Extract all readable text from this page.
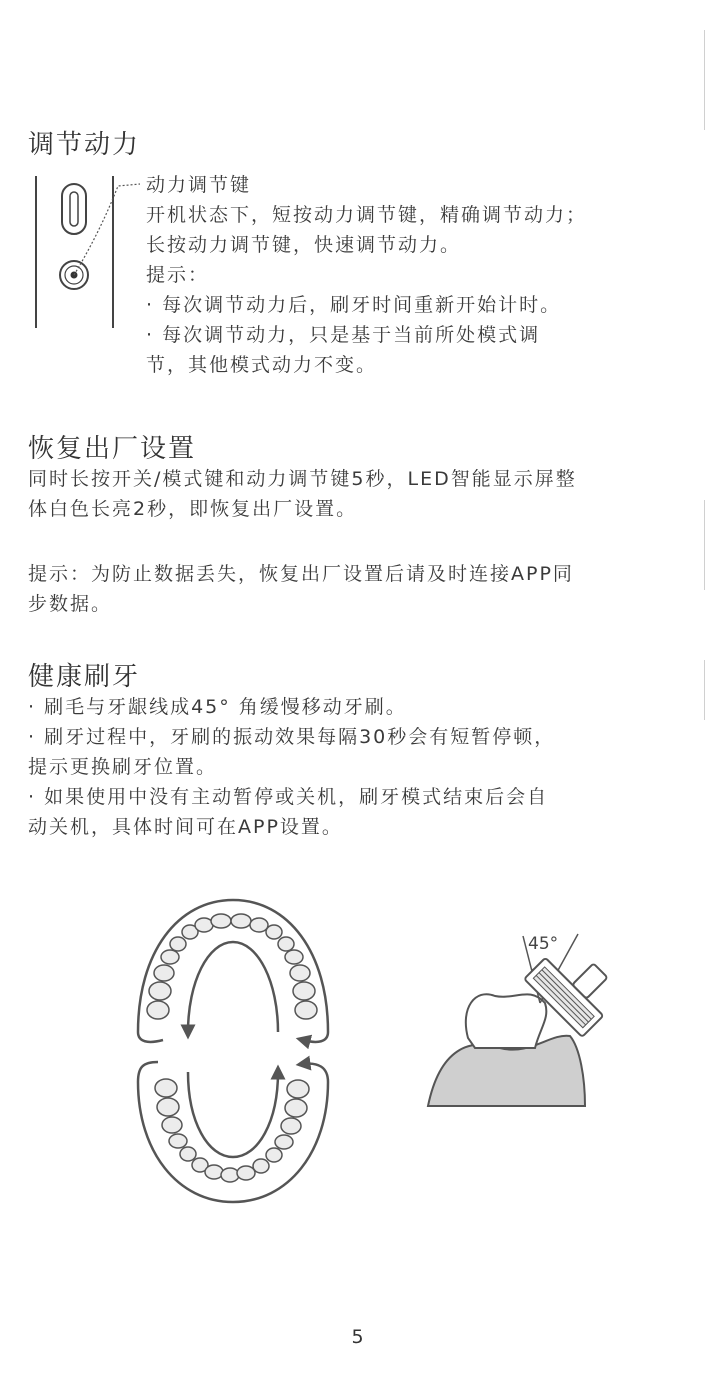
调节动力
动力调节键
开机状态下，短按动力调节键，精确调节动力；
长按动力调节键，快速调节动力。
提示：
· 每次调节动力后，刷牙时间重新开始计时。
· 每次调节动力，只是基于当前所处模式调
节，其他模式动力不变。
恢复出厂设置
同时长按开关/模式键和动力调节键5秒，LED智能显示屏整
体白色长亮2秒，即恢复出厂设置。
提示：为防止数据丢失，恢复出厂设置后请及时连接APP同
步数据。
健康刷牙
· 刷毛与牙龈线成45° 角缓慢移动牙刷。
· 刷牙过程中，牙刷的振动效果每隔30秒会有短暂停顿，
提示更换刷牙位置。
· 如果使用中没有主动暂停或关机，刷牙模式结束后会自
动关机，具体时间可在APP设置。
45°
5
